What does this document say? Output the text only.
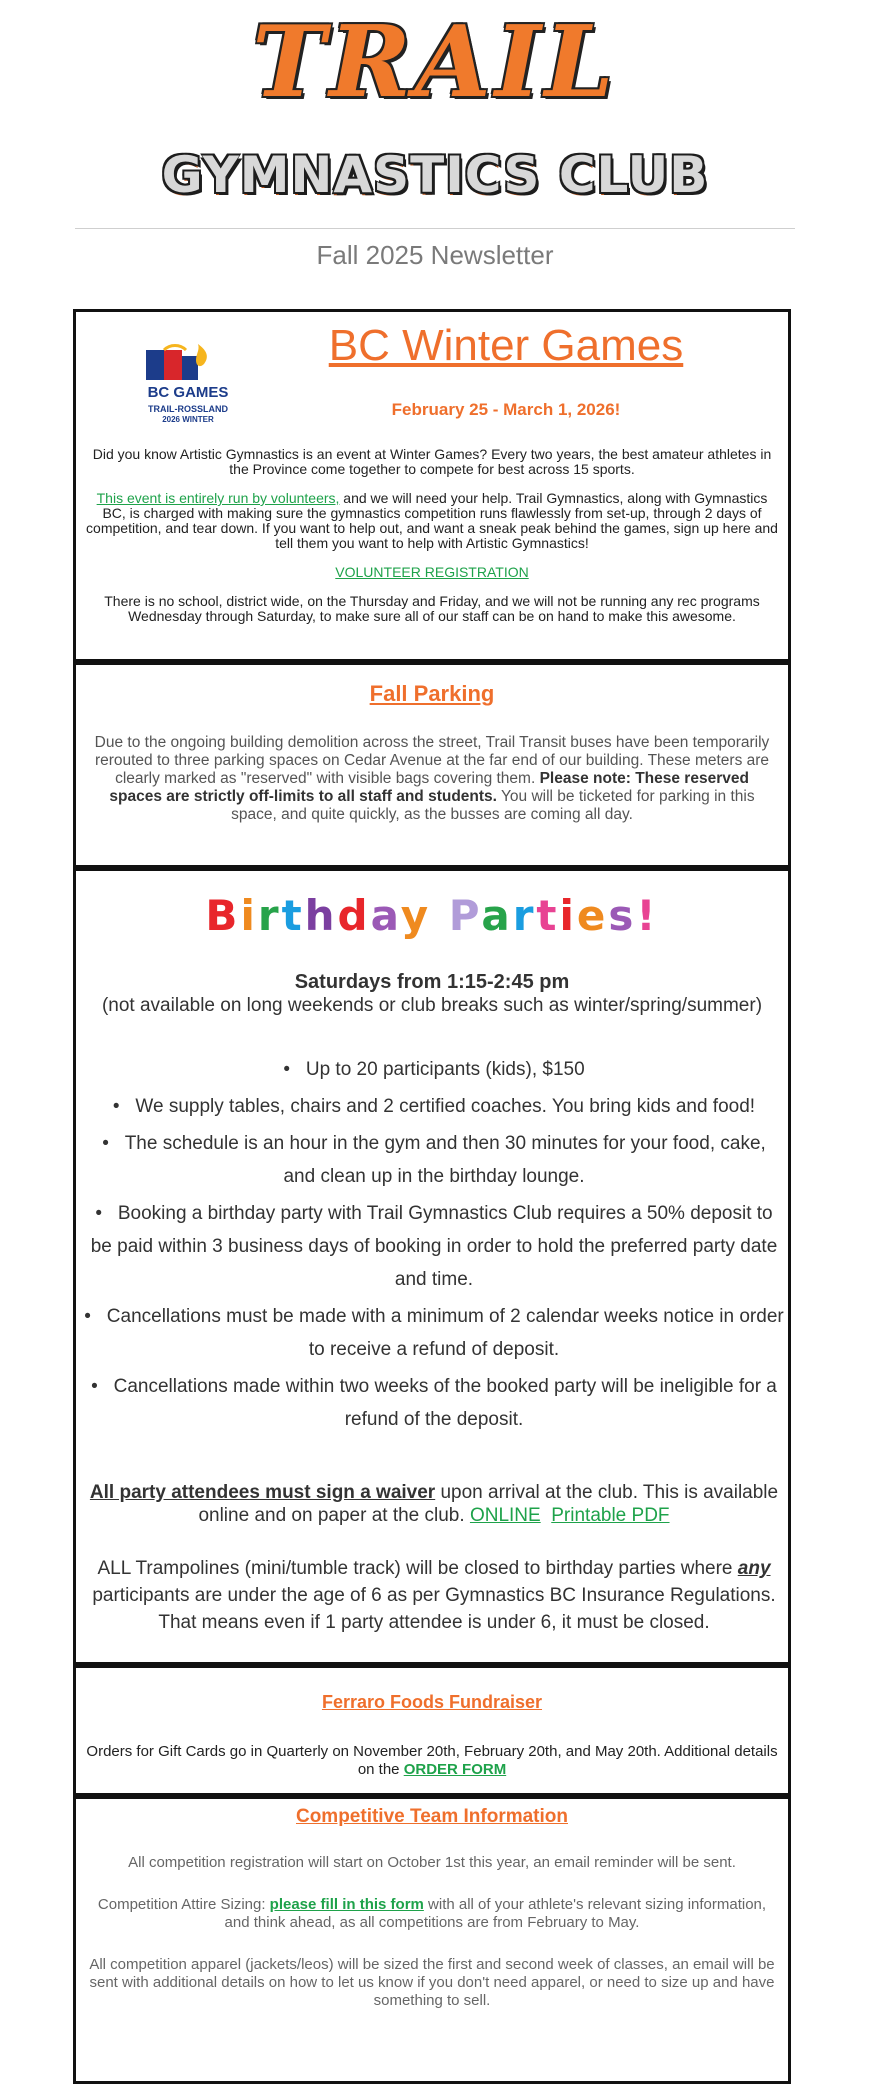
TRAIL
GYMNASTICS CLUB
Fall 2025 Newsletter
BC GAMES
TRAIL-ROSSLAND
2026 WINTER
BC Winter Games
February 25 - March 1, 2026!

Did you know Artistic Gymnastics is an event at Winter Games? Every two years, the best amateur athletes in the Province come together to compete for best across 15 sports.

This event is entirely run by volunteers, and we will need your help. Trail Gymnastics, along with Gymnastics BC, is charged with making sure the gymnastics competition runs flawlessly from set-up, through 2 days of competition, and tear down. If you want to help out, and want a sneak peak behind the games, sign up here and tell them you want to help with Artistic Gymnastics!

VOLUNTEER REGISTRATION

There is no school, district wide, on the Thursday and Friday, and we will not be running any rec programs Wednesday through Saturday, to make sure all of our staff can be on hand to make this awesome.

Fall Parking
Due to the ongoing building demolition across the street, Trail Transit buses have been temporarily rerouted to three parking spaces on Cedar Avenue at the far end of our building. These meters are clearly marked as "reserved" with visible bags covering them. Please note: These reserved spaces are strictly off-limits to all staff and students. You will be ticketed for parking in this space, and quite quickly, as the busses are coming all day.
Birthday Parties!
Saturdays from 1:15-2:45 pm
(not available on long weekends or club breaks such as winter/spring/summer)
•   Up to 20 participants (kids), $150
•   We supply tables, chairs and 2 certified coaches. You bring kids and food!
•   The schedule is an hour in the gym and then 30 minutes for your food, cake, and clean up in the birthday lounge.
•   Booking a birthday party with Trail Gymnastics Club requires a 50% deposit to be paid within 3 business days of booking in order to hold the preferred party date and time.
•   Cancellations must be made with a minimum of 2 calendar weeks notice in order to receive a refund of deposit.
•   Cancellations made within two weeks of the booked party will be ineligible for a refund of the deposit.
All party attendees must sign a waiver upon arrival at the club. This is available online and on paper at the club. ONLINE Printable PDF
ALL Trampolines (mini/tumble track) will be closed to birthday parties where any participants are under the age of 6 as per Gymnastics BC Insurance Regulations. That means even if 1 party attendee is under 6, it must be closed.
Ferraro Foods Fundraiser
Orders for Gift Cards go in Quarterly on November 20th, February 20th, and May 20th. Additional details on the ORDER FORM
Competitive Team Information

All competition registration will start on October 1st this year, an email reminder will be sent.

Competition Attire Sizing: please fill in this form with all of your athlete's relevant sizing information, and think ahead, as all competitions are from February to May.

All competition apparel (jackets/leos) will be sized the first and second week of classes, an email will be sent with additional details on how to let us know if you don't need apparel, or need to size up and have something to sell.
